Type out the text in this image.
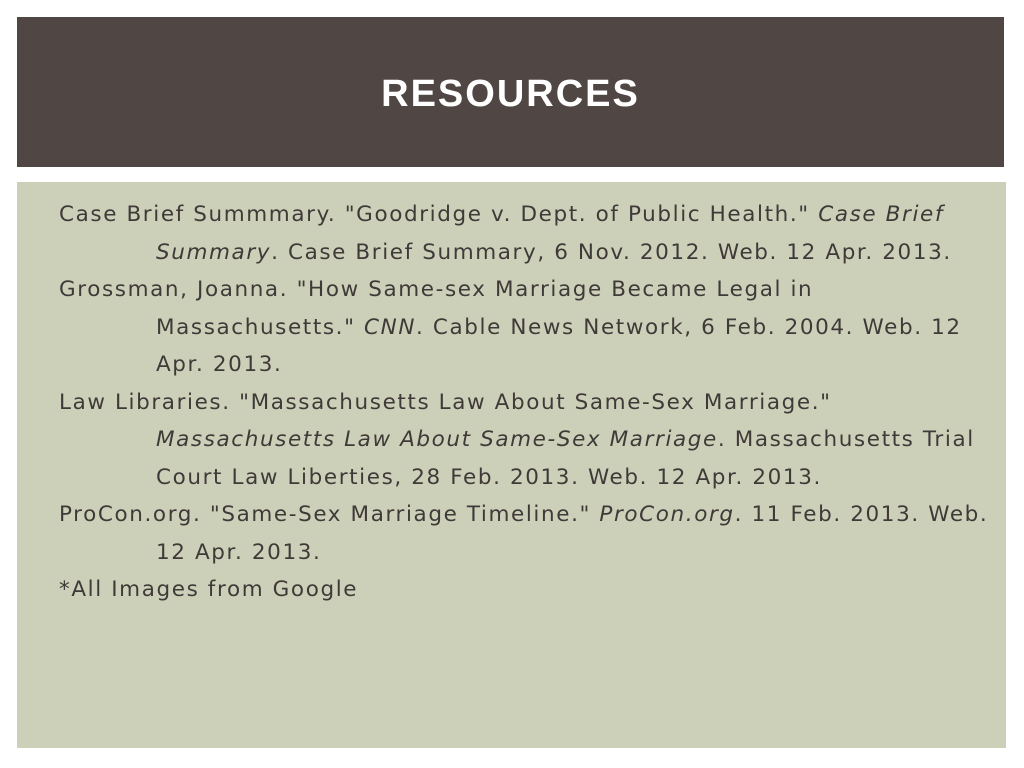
RESOURCES

Case Brief Summmary. "Goodridge v. Dept. of Public Health." Case Brief Summary. Case Brief Summary, 6 Nov. 2012. Web. 12 Apr. 2013.

Grossman, Joanna. "How Same-sex Marriage Became Legal in Massachusetts." CNN. Cable News Network, 6 Feb. 2004. Web. 12 Apr. 2013.

Law Libraries. "Massachusetts Law About Same-Sex Marriage." Massachusetts Law About Same-Sex Marriage. Massachusetts Trial Court Law Liberties, 28 Feb. 2013. Web. 12 Apr. 2013.

ProCon.org. "Same-Sex Marriage Timeline." ProCon.org. 11 Feb. 2013. Web. 12 Apr. 2013.

*All Images from Google
